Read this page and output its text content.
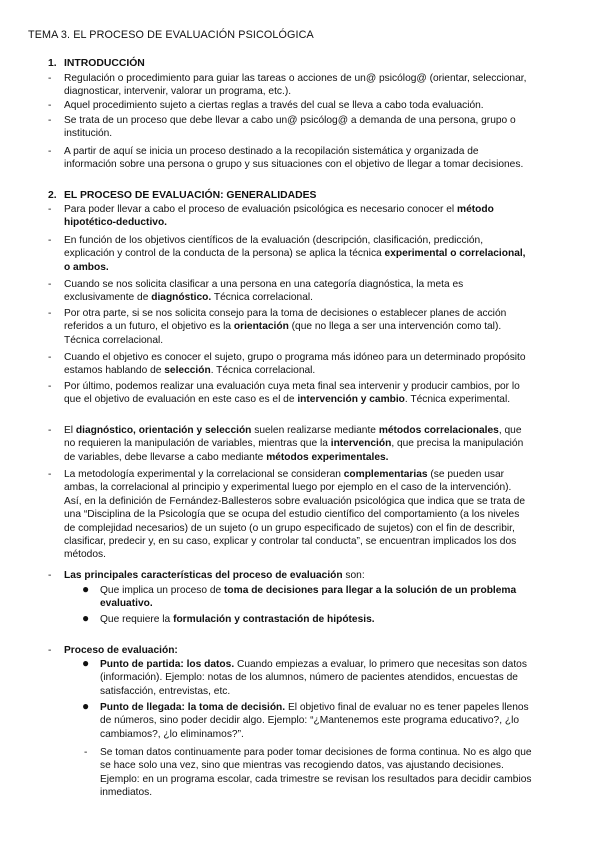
TEMA 3. EL PROCESO DE EVALUACIÓN PSICOLÓGICA
1. INTRODUCCIÓN
-	Regulación o procedimiento para guiar las tareas o acciones de un@ psicólog@ (orientar, seleccionar,
diagnosticar, intervenir, valorar un programa, etc.).
-	Aquel procedimiento sujeto a ciertas reglas a través del cual se lleva a cabo toda evaluación.
-	Se trata de un proceso que debe llevar a cabo un@ psicólog@ a demanda de una persona, grupo o
institución.
-	A partir de aquí se inicia un proceso destinado a la recopilación sistemática y organizada de
información sobre una persona o grupo y sus situaciones con el objetivo de llegar a tomar decisiones.
2. EL PROCESO DE EVALUACIÓN: GENERALIDADES
-	Para poder llevar a cabo el proceso de evaluación psicológica es necesario conocer el método
hipotético-deductivo.
-	En función de los objetivos científicos de la evaluación (descripción, clasificación, predicción,
explicación y control de la conducta de la persona) se aplica la técnica experimental o correlacional,
o ambos.
-	Cuando se nos solicita clasificar a una persona en una categoría diagnóstica, la meta es
exclusivamente de diagnóstico. Técnica correlacional.
-	Por otra parte, si se nos solicita consejo para la toma de decisiones o establecer planes de acción
referidos a un futuro, el objetivo es la orientación (que no llega a ser una intervención como tal).
Técnica correlacional.
-	Cuando el objetivo es conocer el sujeto, grupo o programa más idóneo para un determinado propósito
estamos hablando de selección. Técnica correlacional.
-	Por último, podemos realizar una evaluación cuya meta final sea intervenir y producir cambios, por lo
que el objetivo de evaluación en este caso es el de intervención y cambio. Técnica experimental.
-	El diagnóstico, orientación y selección suelen realizarse mediante métodos correlacionales, que
no requieren la manipulación de variables, mientras que la intervención, que precisa la manipulación
de variables, debe llevarse a cabo mediante métodos experimentales.
-	La metodología experimental y la correlacional se consideran complementarias (se pueden usar
ambas, la correlacional al principio y experimental luego por ejemplo en el caso de la intervención).
Así, en la definición de Fernández-Ballesteros sobre evaluación psicológica que indica que se trata de
una “Disciplina de la Psicología que se ocupa del estudio científico del comportamiento (a los niveles
de complejidad necesarios) de un sujeto (o un grupo especificado de sujetos) con el fin de describir,
clasificar, predecir y, en su caso, explicar y controlar tal conducta”, se encuentran implicados los dos
métodos.
-	Las principales características del proceso de evaluación son:
● Que implica un proceso de toma de decisiones para llegar a la solución de un problema
evaluativo.
● Que requiere la formulación y contrastación de hipótesis.
-	Proceso de evaluación:
● Punto de partida: los datos. Cuando empiezas a evaluar, lo primero que necesitas son datos
(información). Ejemplo: notas de los alumnos, número de pacientes atendidos, encuestas de
satisfacción, entrevistas, etc.
● Punto de llegada: la toma de decisión. El objetivo final de evaluar no es tener papeles llenos
de números, sino poder decidir algo. Ejemplo: “¿Mantenemos este programa educativo?, ¿lo
cambiamos?, ¿lo eliminamos?”.
- Se toman datos continuamente para poder tomar decisiones de forma continua. No es algo que
se hace solo una vez, sino que mientras vas recogiendo datos, vas ajustando decisiones.
Ejemplo: en un programa escolar, cada trimestre se revisan los resultados para decidir cambios
inmediatos.
